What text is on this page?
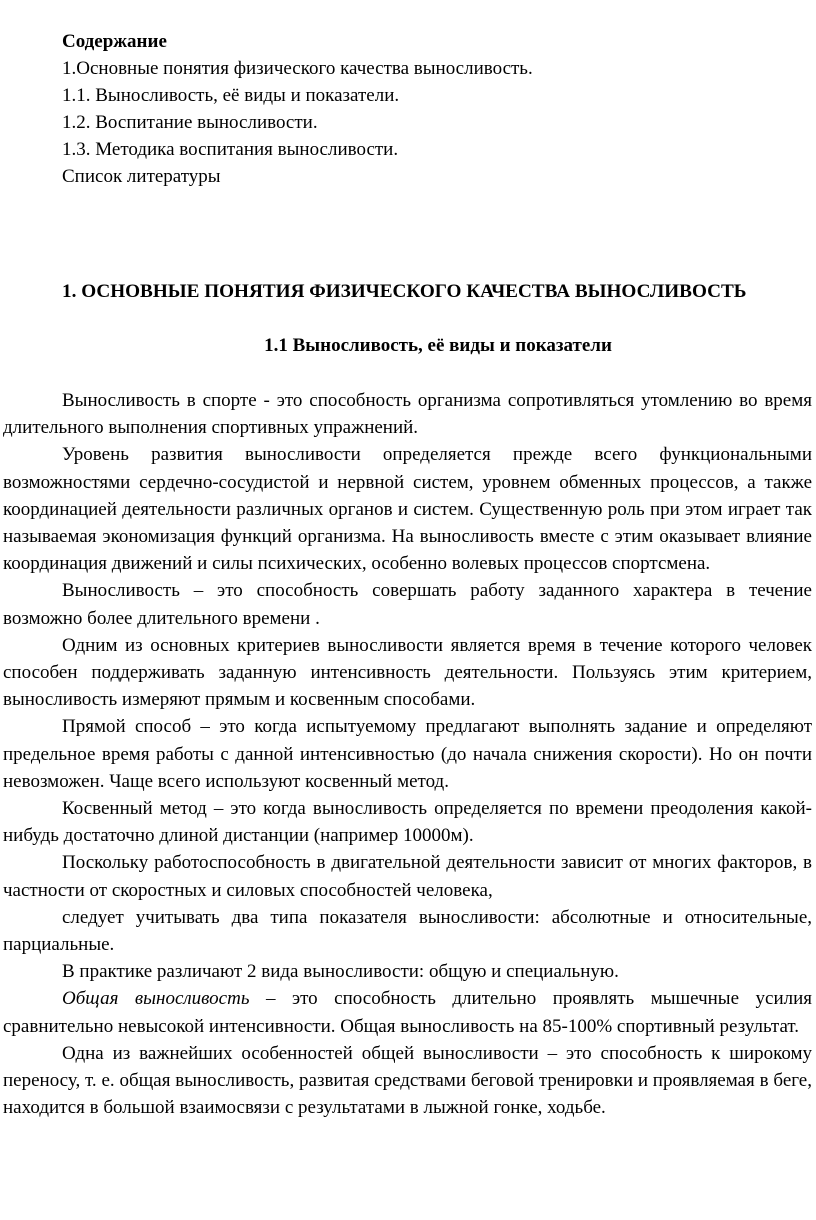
Содержание
1.Основные понятия физического качества выносливость.
1.1. Выносливость, её виды и показатели.
1.2. Воспитание выносливости.
1.3. Методика воспитания выносливости.
Список литературы
1. ОСНОВНЫЕ ПОНЯТИЯ ФИЗИЧЕСКОГО КАЧЕСТВА ВЫНОСЛИВОСТЬ
1.1 Выносливость, её виды и показатели

Выносливость в спорте - это способность организма сопротивляться утомлению во время длительного выполнения спортивных упражнений.

Уровень развития выносливости определяется прежде всего функциональными возможностями сердечно-сосудистой и нервной систем, уровнем обменных процессов, а также координацией деятельности различных органов и систем. Существенную роль при этом играет так называемая экономизация функций организма. На выносливость вместе с этим оказывает влияние координация движений и силы психических, особенно волевых процессов спортсмена.

Выносливость – это способность совершать работу заданного характера в течение возможно более длительного времени .

Одним из основных критериев выносливости является время в течение которого человек способен поддерживать заданную интенсивность деятельности. Пользуясь этим критерием, выносливость измеряют прямым и косвенным способами.

Прямой способ – это когда испытуемому предлагают выполнять задание и определяют предельное время работы с данной интенсивностью (до начала снижения скорости). Но он почти невозможен. Чаще всего используют косвенный метод.

Косвенный метод – это когда выносливость определяется по времени преодоления какой-нибудь достаточно длиной дистанции (например 10000м).

Поскольку работоспособность в двигательной деятельности зависит от многих факторов, в частности от скоростных и силовых способностей человека,

следует учитывать два типа показателя выносливости: абсолютные и относительные, парциальные.

В практике различают 2 вида выносливости: общую и специальную.

Общая выносливость – это способность длительно проявлять мышечные усилия сравнительно невысокой интенсивности. Общая выносливость на 85-100% спортивный результат.

Одна из важнейших особенностей общей выносливости – это способность к широкому переносу, т. е. общая выносливость, развитая средствами беговой тренировки и проявляемая в беге, находится в большой взаимосвязи с результатами в лыжной гонке, ходьбе.
